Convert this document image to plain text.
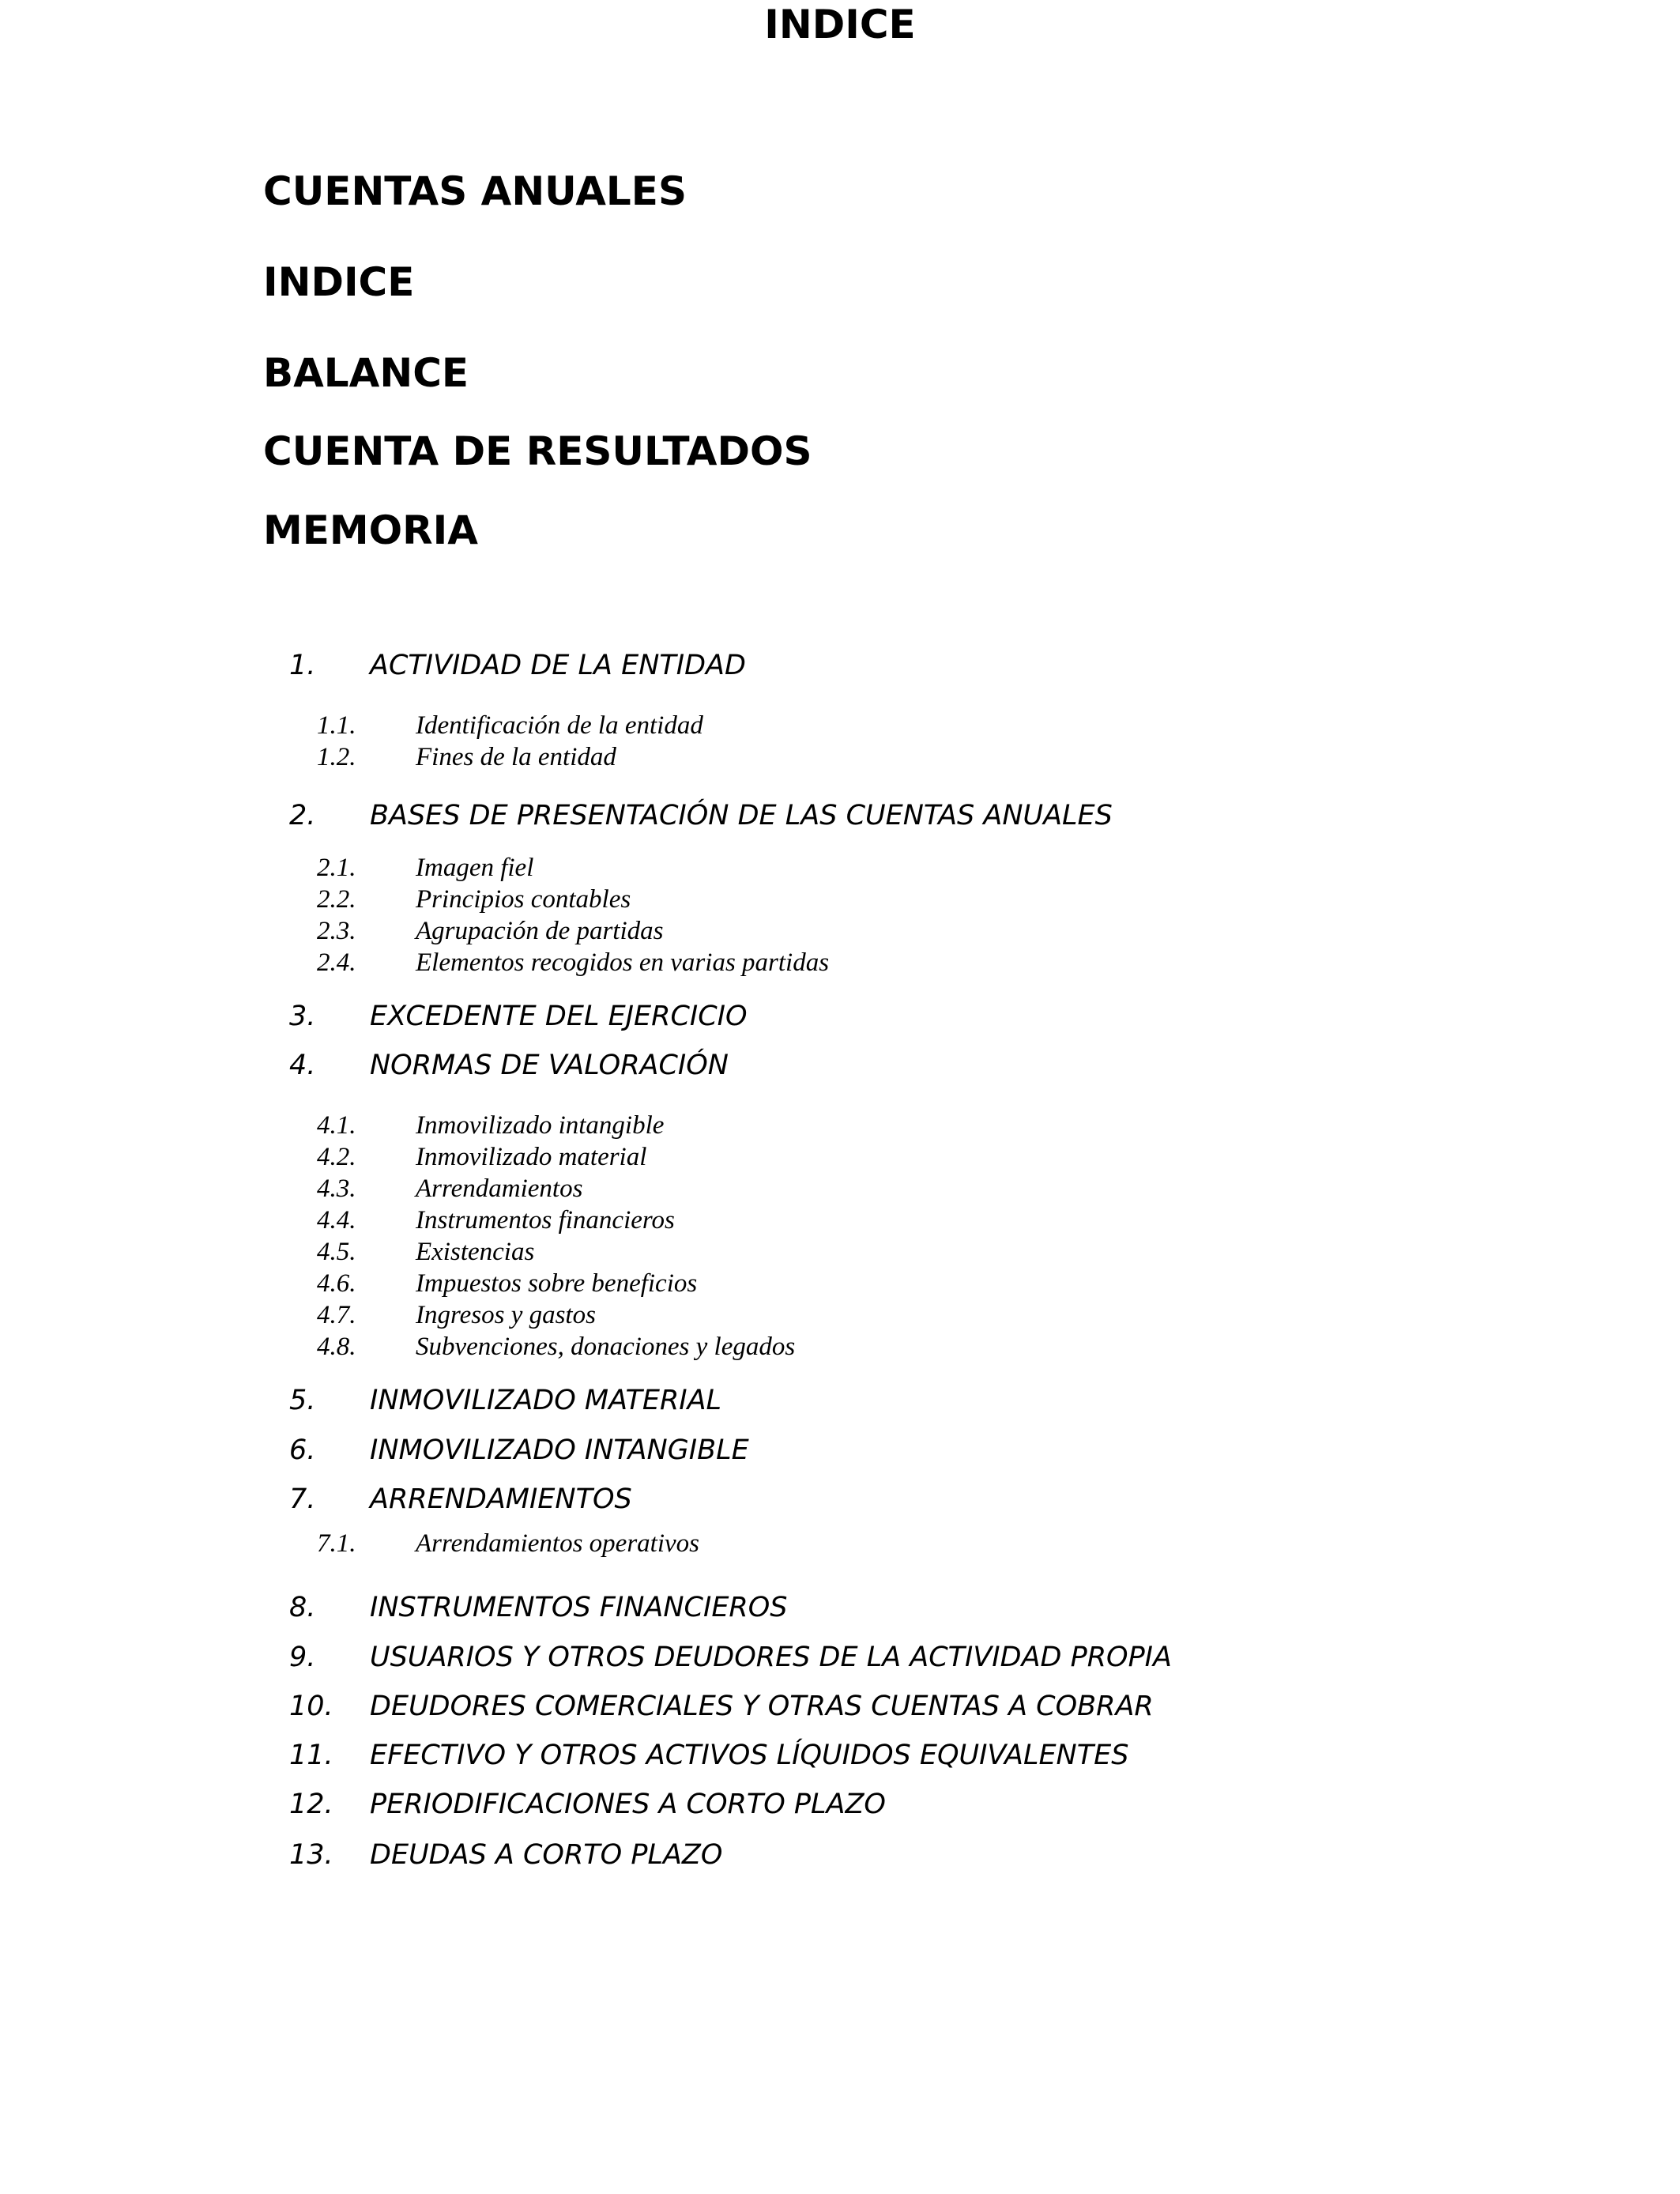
INDICE
CUENTAS ANUALES
INDICE
BALANCE
CUENTA DE RESULTADOS
MEMORIA
1. ACTIVIDAD DE LA ENTIDAD
1.1. Identificación de la entidad
1.2. Fines de la entidad
2. BASES DE PRESENTACIÓN DE LAS CUENTAS ANUALES
2.1. Imagen fiel
2.2. Principios contables
2.3. Agrupación de partidas
2.4. Elementos recogidos en varias partidas
3. EXCEDENTE DEL EJERCICIO
4. NORMAS DE VALORACIÓN
4.1. Inmovilizado intangible
4.2. Inmovilizado material
4.3. Arrendamientos
4.4. Instrumentos financieros
4.5. Existencias
4.6. Impuestos sobre beneficios
4.7. Ingresos y gastos
4.8. Subvenciones, donaciones y legados
5. INMOVILIZADO MATERIAL
6. INMOVILIZADO INTANGIBLE
7. ARRENDAMIENTOS
7.1. Arrendamientos operativos
8. INSTRUMENTOS FINANCIEROS
9. USUARIOS Y OTROS DEUDORES DE LA ACTIVIDAD PROPIA
10. DEUDORES COMERCIALES Y OTRAS CUENTAS A COBRAR
11. EFECTIVO Y OTROS ACTIVOS LÍQUIDOS EQUIVALENTES
12. PERIODIFICACIONES A CORTO PLAZO
13. DEUDAS A CORTO PLAZO
